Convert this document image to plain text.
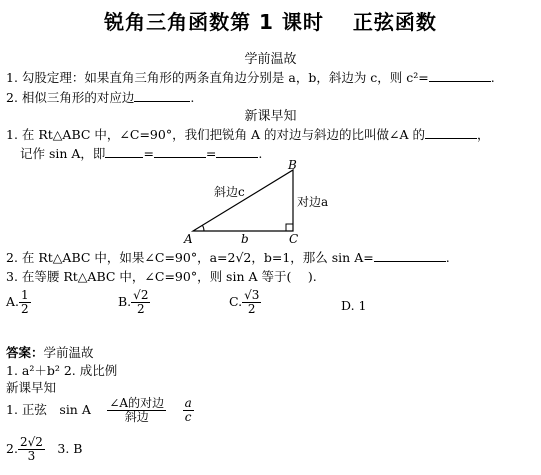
锐角三角函数第 1 课时　 正弦函数
学前温故
1. 勾股定理：如果直角三角形的两条直角边分别是 a，b，斜边为 c，则 c²=	.
2. 相似三角形的对应边	.
新课早知
1. 在 Rt△ABC 中，∠C=90°，我们把锐角 A 的对边与斜边的比叫做∠A 的	，
记作 sin A，即	=	=	.
A
B
C
斜边c
对边a
b
2. 在 Rt△ABC 中，如果∠C=90°，a=2√2，b=1，那么 sin A=	.
3. 在等腰 Rt△ABC 中，∠C=90°，则 sin A 等于(　 ).
A. $\frac{1}{2}$	B. $\frac{√2}{2}$	C. $\frac{√3}{2}$	D. 1
答案：学前温故
1. a²＋b² 2. 成比例
新课早知
1. 正弦　sin A　 $\frac{\text{∠A的对边}}{\text{斜边}}$
　 $\frac{a}{c}$
2. $\frac{2√2}{3}$
　 3. B
